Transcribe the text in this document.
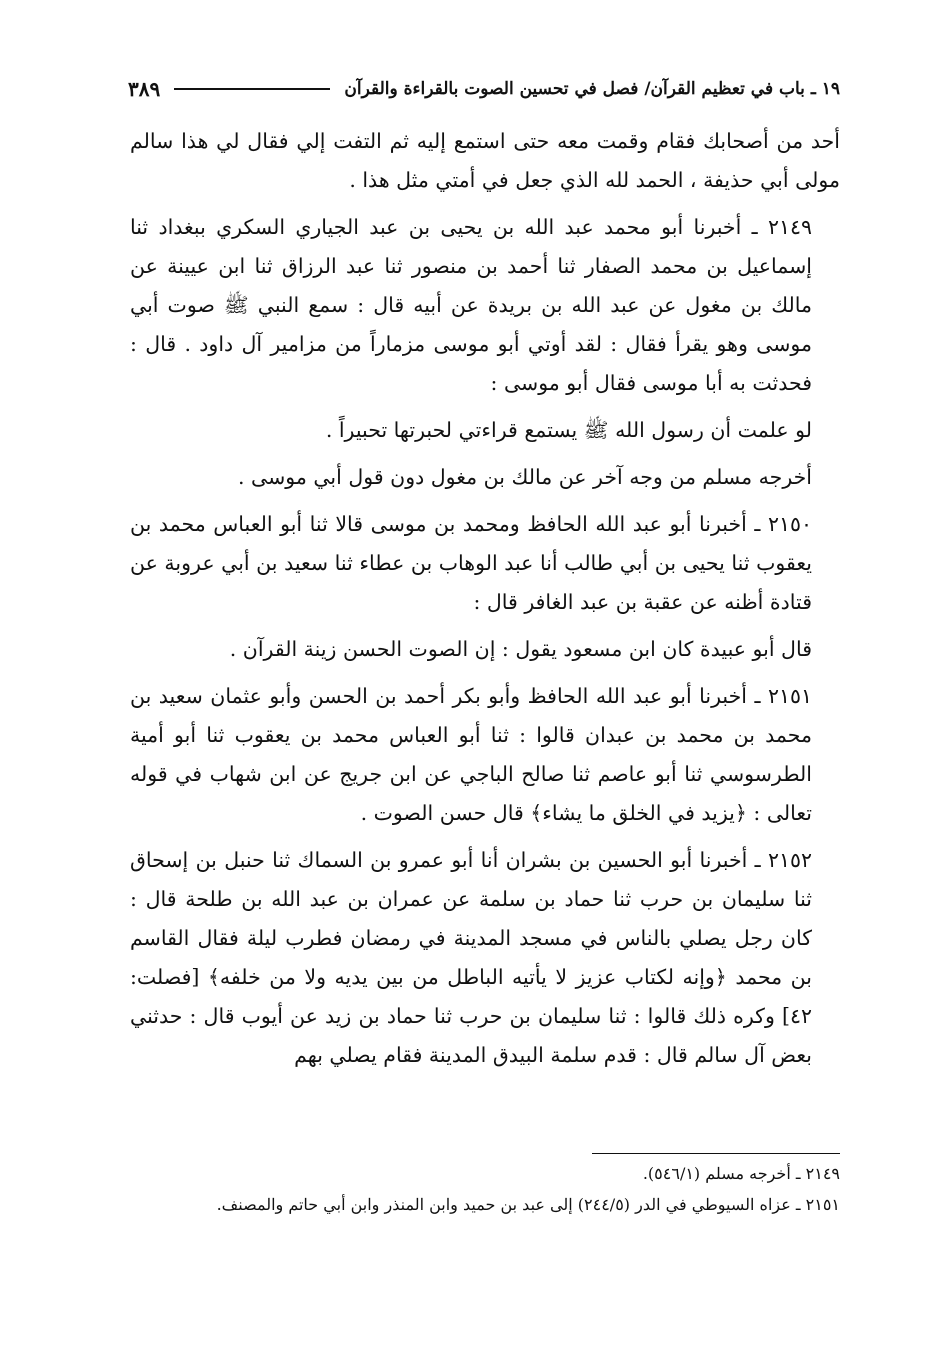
١٩ ـ باب في تعظيم القرآن/ فصل في تحسين الصوت بالقراءة والقرآن
٣٨٩

أحد من أصحابك فقام وقمت معه حتى استمع إليه ثم التفت إلي فقال لي هذا سالم مولى أبي حذيفة ، الحمد لله الذي جعل في أمتي مثل هذا .

٢١٤٩ ـ أخبرنا أبو محمد عبد الله بن يحيى بن عبد الجياري السكري ببغداد ثنا إسماعيل بن محمد الصفار ثنا أحمد بن منصور ثنا عبد الرزاق ثنا ابن عيينة عن مالك بن مغول عن عبد الله بن بريدة عن أبيه قال : سمع النبي ﷺ صوت أبي موسى وهو يقرأ فقال : لقد أوتي أبو موسى مزماراً من مزامير آل داود . قال : فحدثت به أبا موسى فقال أبو موسى :

لو علمت أن رسول الله ﷺ يستمع قراءتي لحبرتها تحبيراً .

أخرجه مسلم من وجه آخر عن مالك بن مغول دون قول أبي موسى .

٢١٥٠ ـ أخبرنا أبو عبد الله الحافظ ومحمد بن موسى قالا ثنا أبو العباس محمد بن يعقوب ثنا يحيى بن أبي طالب أنا عبد الوهاب بن عطاء ثنا سعيد بن أبي عروبة عن قتادة أظنه عن عقبة بن عبد الغافر قال :

قال أبو عبيدة كان ابن مسعود يقول : إن الصوت الحسن زينة القرآن .

٢١٥١ ـ أخبرنا أبو عبد الله الحافظ وأبو بكر أحمد بن الحسن وأبو عثمان سعيد بن محمد بن محمد بن عبدان قالوا : ثنا أبو العباس محمد بن يعقوب ثنا أبو أمية الطرسوسي ثنا أبو عاصم ثنا صالح الباجي عن ابن جريج عن ابن شهاب في قوله تعالى : ﴿يزيد في الخلق ما يشاء﴾ قال حسن الصوت .

٢١٥٢ ـ أخبرنا أبو الحسين بن بشران أنا أبو عمرو بن السماك ثنا حنبل بن إسحاق ثنا سليمان بن حرب ثنا حماد بن سلمة عن عمران بن عبد الله بن طلحة قال : كان رجل يصلي بالناس في مسجد المدينة في رمضان فطرب ليلة فقال القاسم بن محمد ﴿وإنه لكتاب عزيز لا يأتيه الباطل من بين يديه ولا من خلفه﴾ [فصلت: ٤٢] وكره ذلك قالوا : ثنا سليمان بن حرب ثنا حماد بن زيد عن أيوب قال : حدثني بعض آل سالم قال : قدم سلمة البيدق المدينة فقام يصلي بهم

٢١٤٩ ـ أخرجه مسلم (٥٤٦/١).

٢١٥١ ـ عزاه السيوطي في الدر (٢٤٤/٥) إلى عبد بن حميد وابن المنذر وابن أبي حاتم والمصنف.
